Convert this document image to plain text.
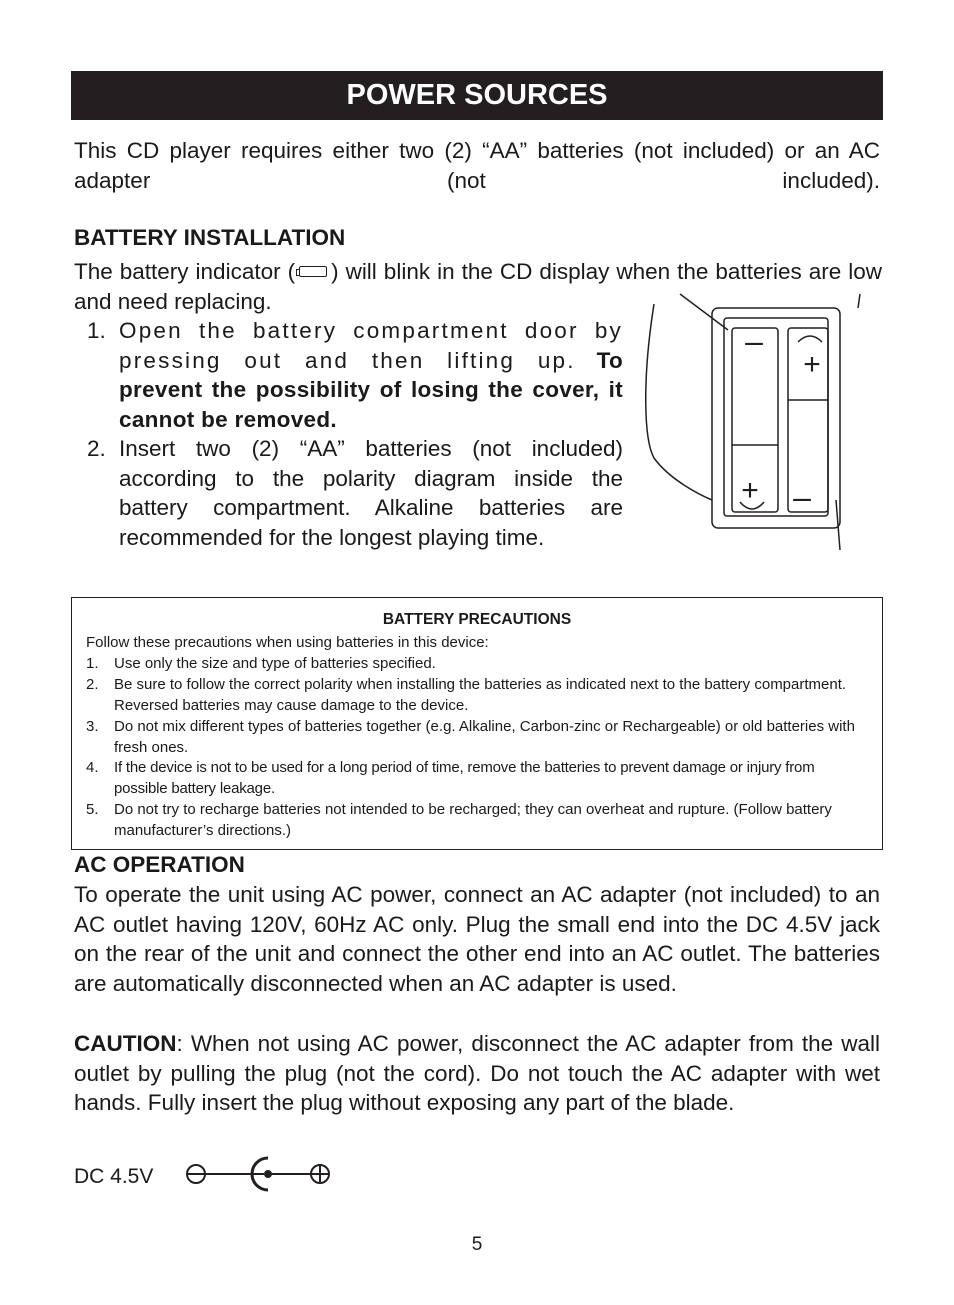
POWER SOURCES
This CD player requires either two (2) “AA” batteries (not included) or an AC adapter (not included).
BATTERY INSTALLATION
The battery indicator ( ) will blink in the CD display when the batteries are low and need replacing.
1. Open the battery compartment door by pressing out and then lifting up. To prevent the possibility of losing the cover, it cannot be removed.
2. Insert two (2) “AA” batteries (not included) according to the polarity diagram inside the battery compartment. Alkaline batteries are recommended for the longest playing time.
–
+
+
–
BATTERY PRECAUTIONS
Follow these precautions when using batteries in this device:
1. Use only the size and type of batteries specified.
2. Be sure to follow the correct polarity when installing the batteries as indicated next to the battery compartment. Reversed batteries may cause damage to the device.
3. Do not mix different types of batteries together (e.g. Alkaline, Carbon-zinc or Rechargeable) or old batteries with fresh ones.
4. If the device is not to be used for a long period of time, remove the batteries to prevent damage or injury from possible battery leakage.
5. Do not try to recharge batteries not intended to be recharged; they can overheat and rupture. (Follow battery manufacturer’s directions.)
AC OPERATION
To operate the unit using AC power, connect an AC adapter (not included) to an AC outlet having 120V, 60Hz AC only. Plug the small end into the DC 4.5V jack on the rear of the unit and connect the other end into an AC outlet. The batteries are automatically disconnected when an AC adapter is used.
CAUTION: When not using AC power, disconnect the AC adapter from the wall outlet by pulling the plug (not the cord). Do not touch the AC adapter with wet hands. Fully insert the plug without exposing any part of the blade.
DC 4.5V
5
